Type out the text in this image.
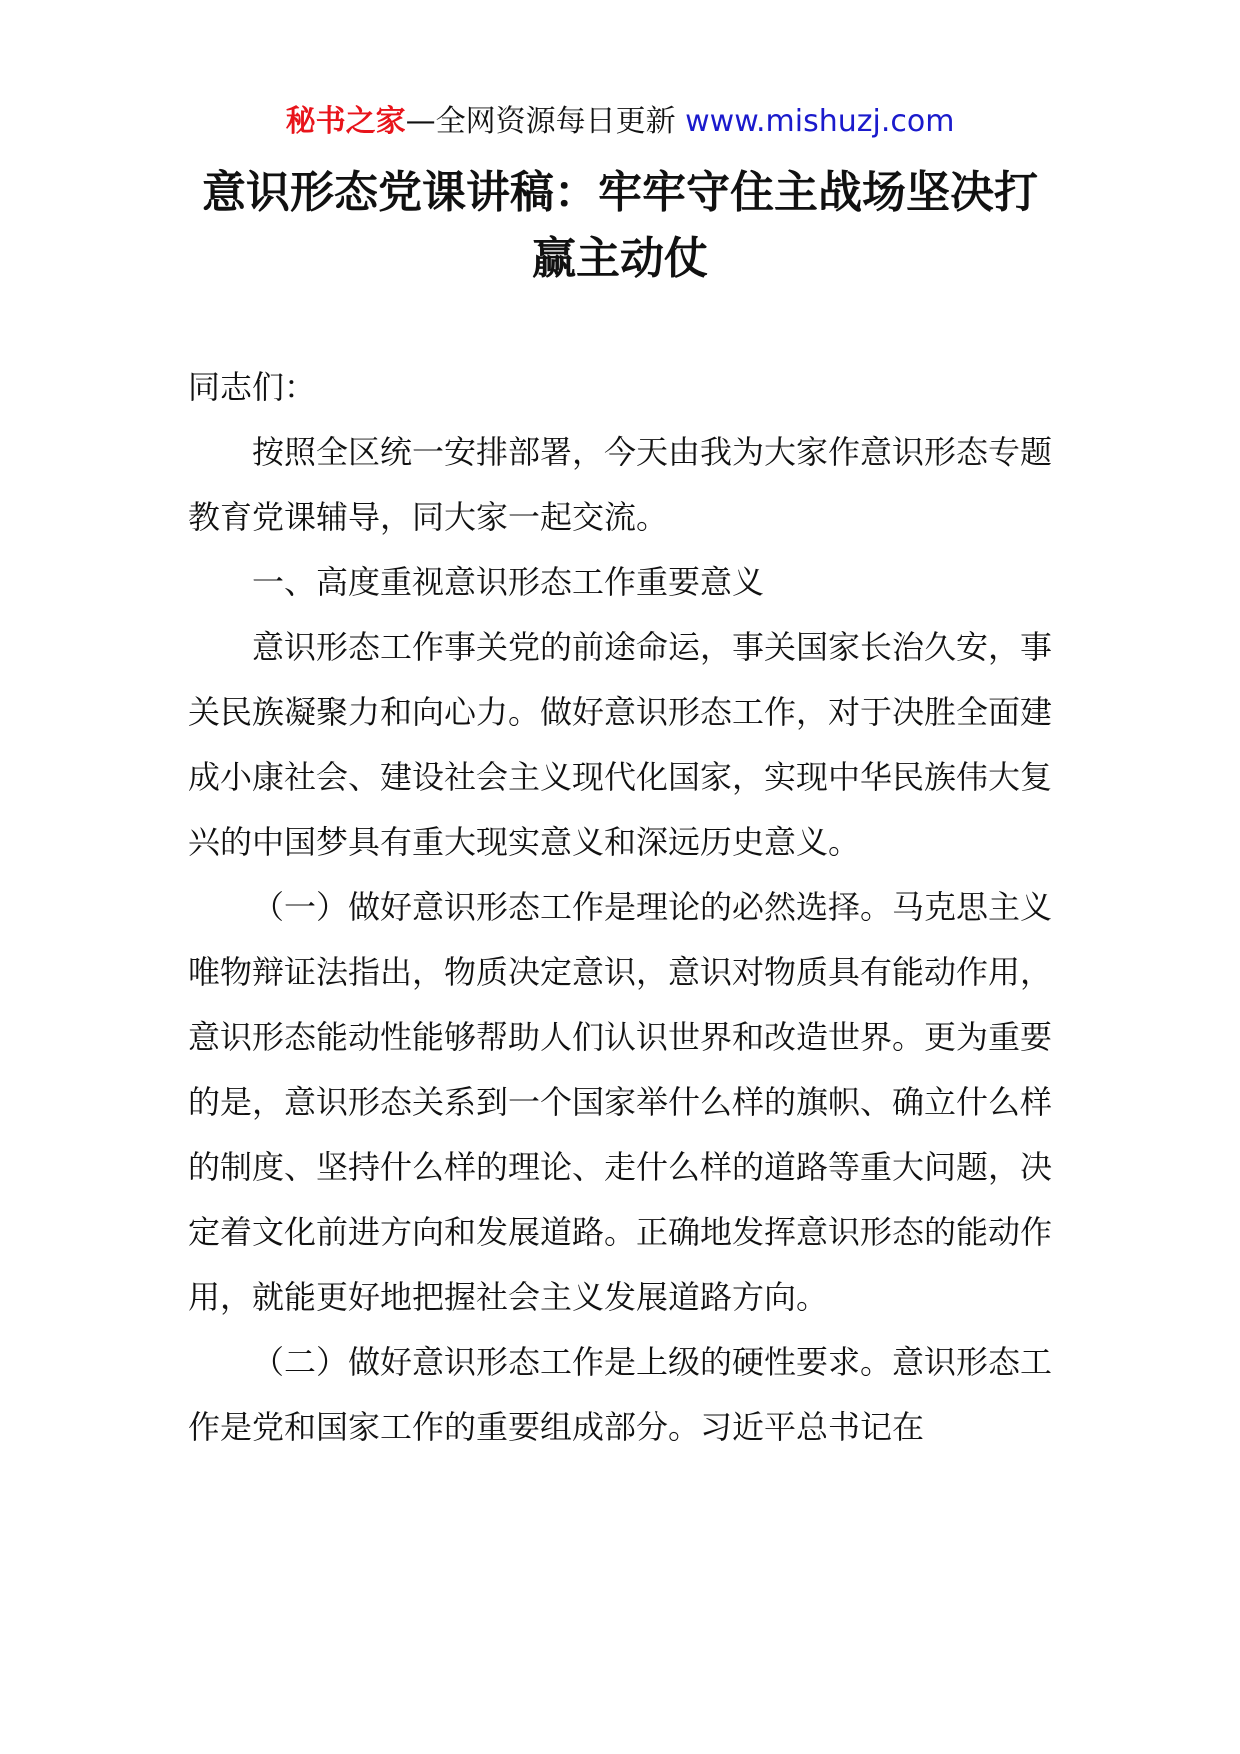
秘书之家—全网资源每日更新 www.mishuzj.com
意识形态党课讲稿：牢牢守住主战场坚决打赢主动仗

同志们：

按照全区统一安排部署，今天由我为大家作意识形态专题教育党课辅导，同大家一起交流。

一、高度重视意识形态工作重要意义

意识形态工作事关党的前途命运，事关国家长治久安，事关民族凝聚力和向心力。做好意识形态工作，对于决胜全面建成小康社会、建设社会主义现代化国家，实现中华民族伟大复兴的中国梦具有重大现实意义和深远历史意义。

（一）做好意识形态工作是理论的必然选择。马克思主义唯物辩证法指出，物质决定意识，意识对物质具有能动作用，意识形态能动性能够帮助人们认识世界和改造世界。更为重要的是，意识形态关系到一个国家举什么样的旗帜、确立什么样的制度、坚持什么样的理论、走什么样的道路等重大问题，决定着文化前进方向和发展道路。正确地发挥意识形态的能动作用，就能更好地把握社会主义发展道路方向。

（二）做好意识形态工作是上级的硬性要求。意识形态工作是党和国家工作的重要组成部分。习近平总书记在
